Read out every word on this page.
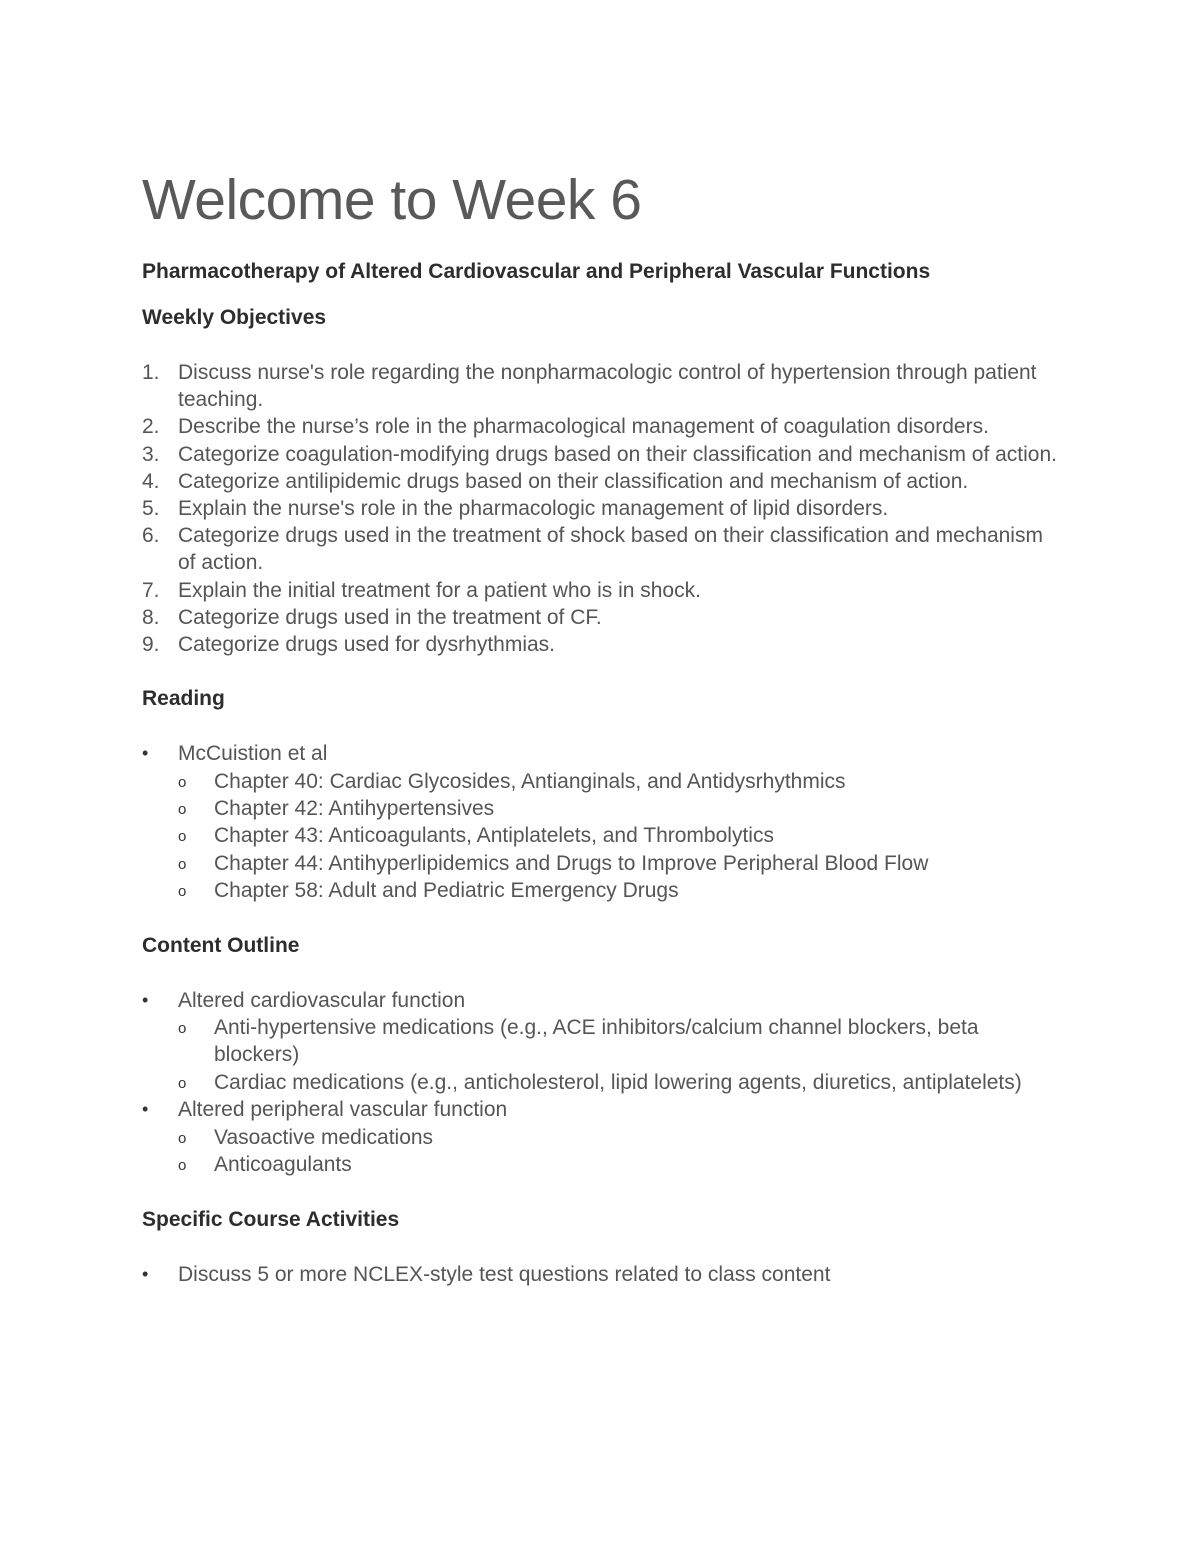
Welcome to Week 6
Pharmacotherapy of Altered Cardiovascular and Peripheral Vascular Functions
Weekly Objectives
1. Discuss nurse's role regarding the nonpharmacologic control of hypertension through patient teaching.
2. Describe the nurse’s role in the pharmacological management of coagulation disorders.
3. Categorize coagulation-modifying drugs based on their classification and mechanism of action.
4. Categorize antilipidemic drugs based on their classification and mechanism of action.
5. Explain the nurse's role in the pharmacologic management of lipid disorders.
6. Categorize drugs used in the treatment of shock based on their classification and mechanism of action.
7. Explain the initial treatment for a patient who is in shock.
8. Categorize drugs used in the treatment of CF.
9. Categorize drugs used for dysrhythmias.
Reading
•	McCuistion et al
o Chapter 40: Cardiac Glycosides, Antianginals, and Antidysrhythmics
o Chapter 42: Antihypertensives
o Chapter 43: Anticoagulants, Antiplatelets, and Thrombolytics
o Chapter 44: Antihyperlipidemics and Drugs to Improve Peripheral Blood Flow
o Chapter 58: Adult and Pediatric Emergency Drugs
Content Outline
•	Altered cardiovascular function
o Anti-hypertensive medications (e.g., ACE inhibitors/calcium channel blockers, beta blockers)
o Cardiac medications (e.g., anticholesterol, lipid lowering agents, diuretics, antiplatelets)
•	Altered peripheral vascular function
o Vasoactive medications
o Anticoagulants
Specific Course Activities
•	Discuss 5 or more NCLEX-style test questions related to class content
